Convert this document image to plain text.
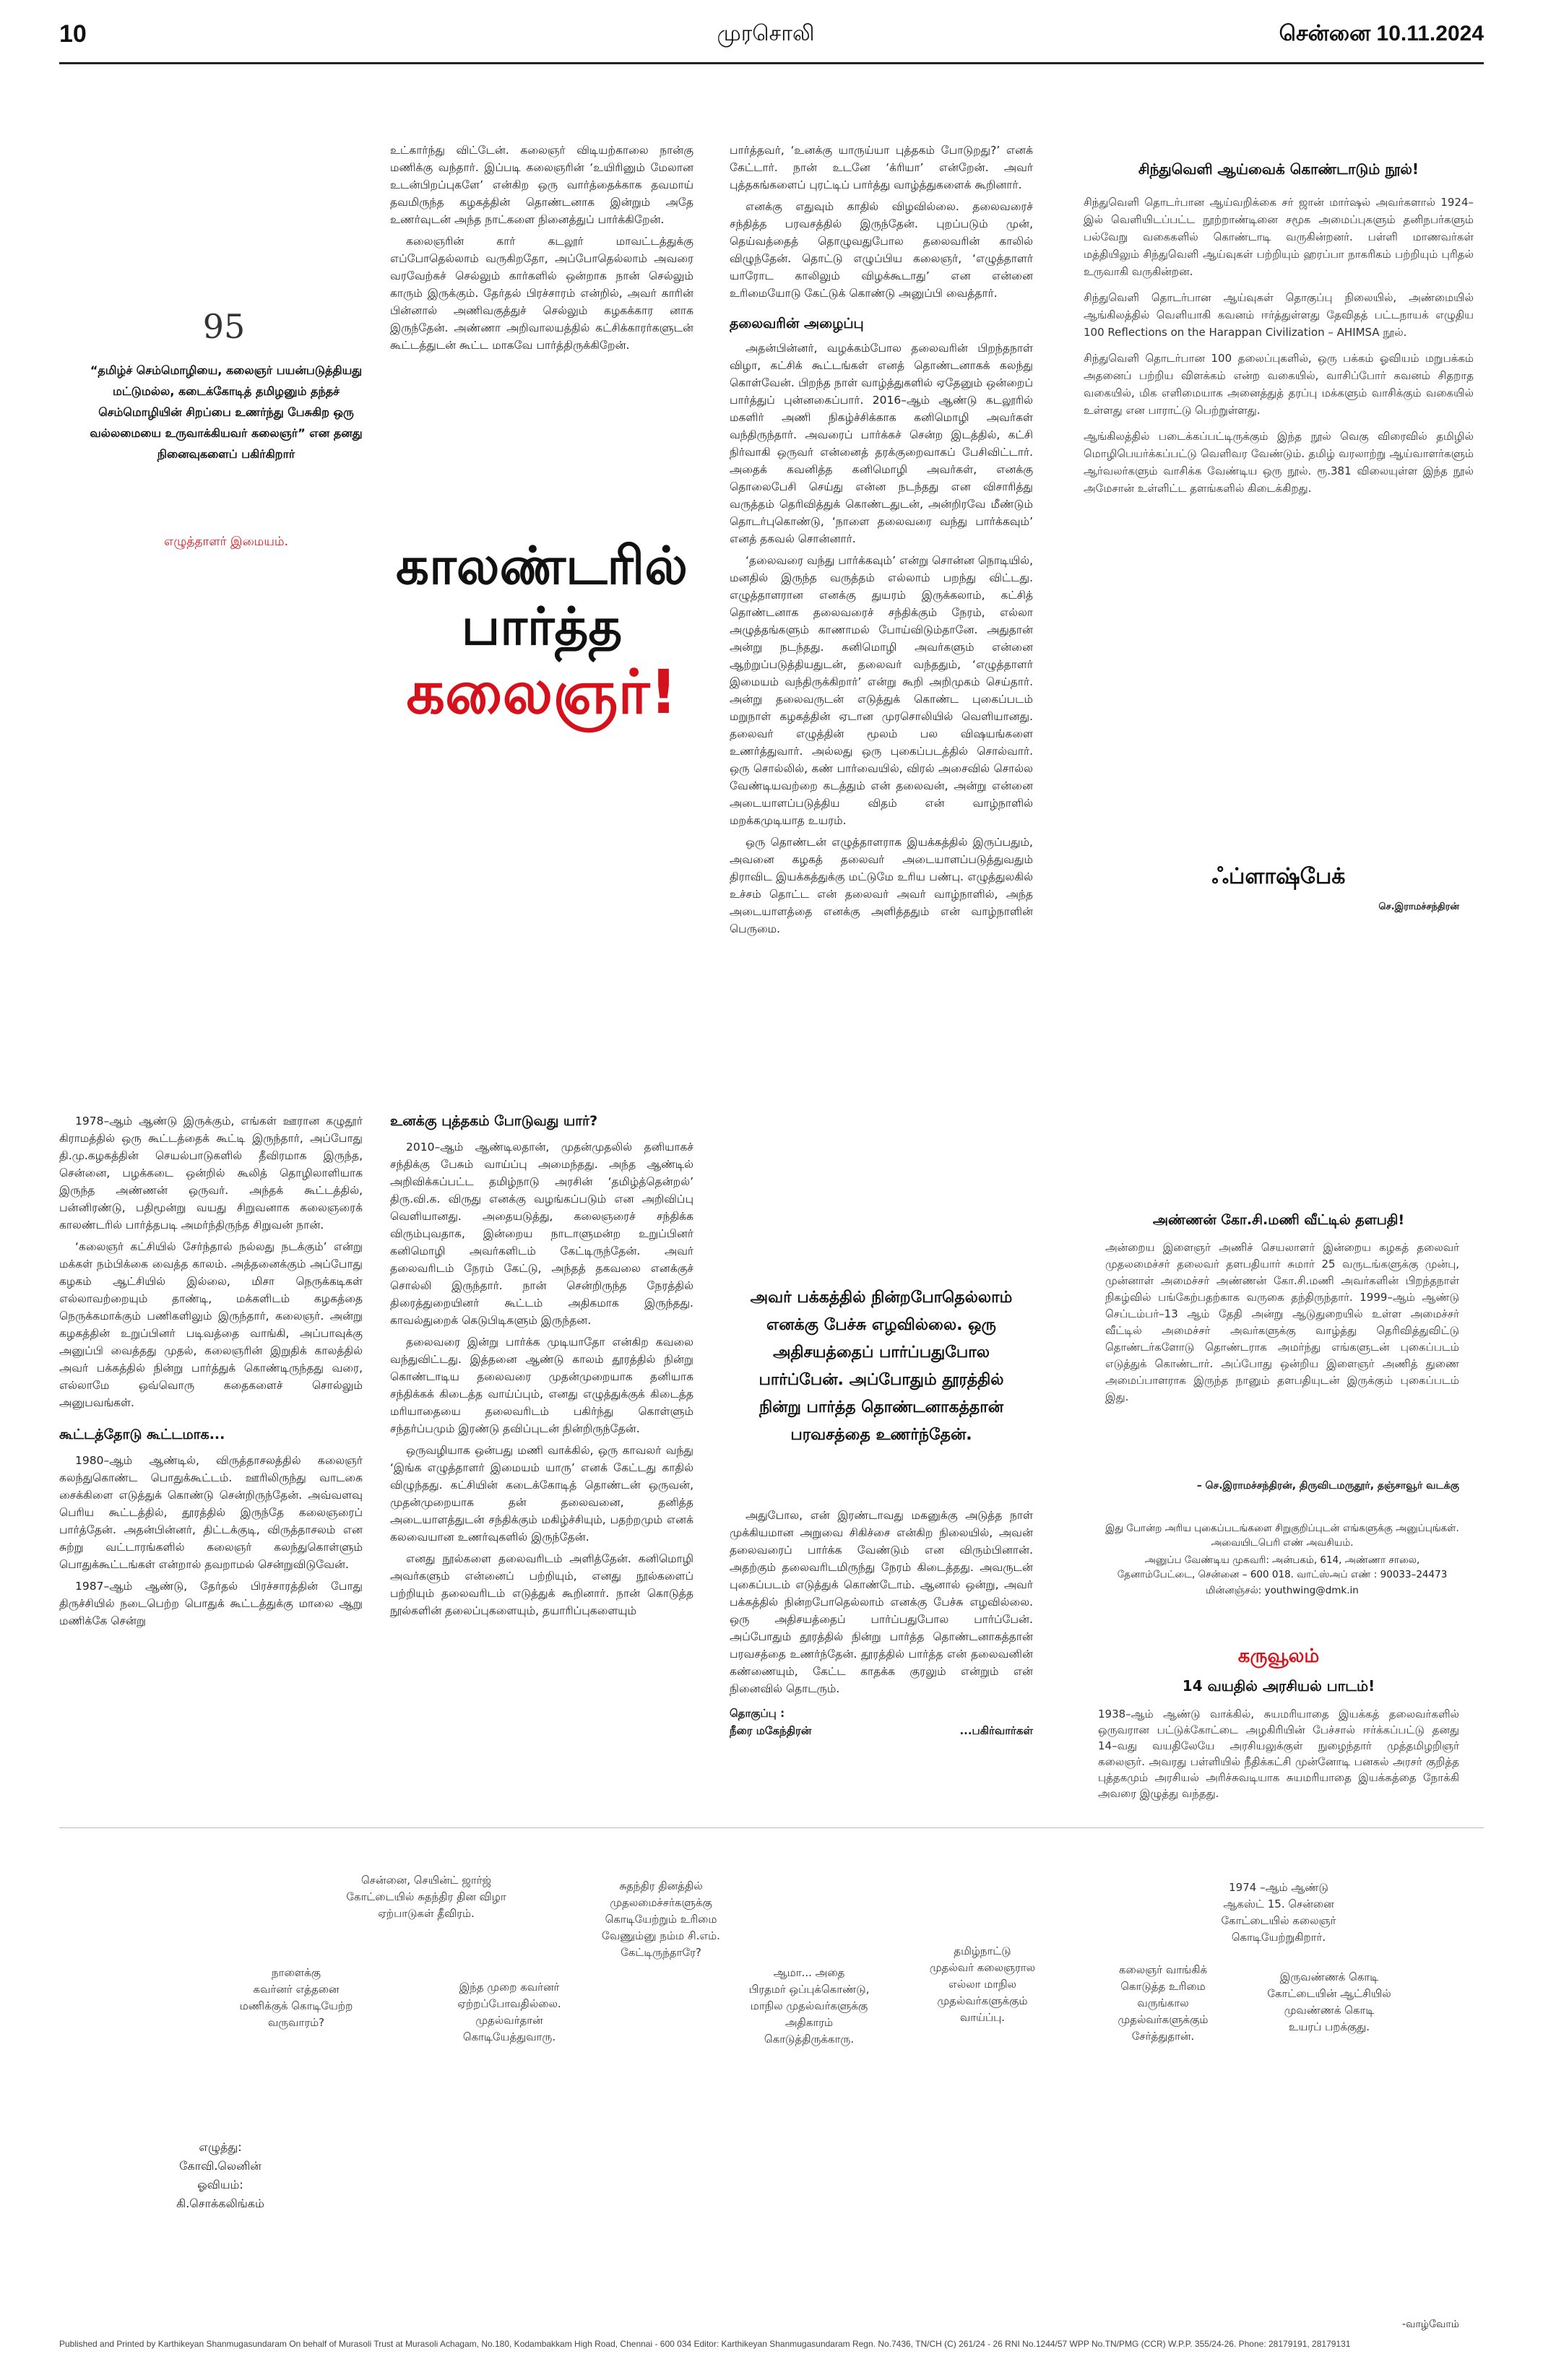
10	முரசொலி	சென்னை 10.11.2024
95
“தமிழ்ச் செம்மொழியை, கலைஞர் பயன்படுத்தியது மட்டுமல்ல, கடைக்கோடித் தமிழனும் தந்தச் செம்மொழியின் சிறப்பை உணர்ந்து பேசுகிற ஒரு வல்லமையை உருவாக்கியவர் கலைஞர்” என தனது நினைவுகளைப் பகிர்கிறார்
எழுத்தாளர் இமையம்.	காலண்டரில்
பார்த்த
கலைஞர்!

உட்கார்ந்து விட்டேன். கலைஞர் விடியற்காலை நான்கு மணிக்கு வந்தார். இப்படி கலைஞரின் ‘உயிரினும் மேலான உடன்பிறப்புகளே’ என்கிற ஒரு வார்த்தைக்காக தவமாய் தவமிருந்த கழகத்தின் தொண்டனாக இன்றும் அதே உணர்வுடன் அந்த நாட்களை நினைத்துப் பார்க்கிறேன்.

கலைஞரின் கார் கடலூர் மாவட்டத்துக்கு எப்போதெல்லாம் வருகிறதோ, அப்போதெல்லாம் அவரை வரவேற்கச் செல்லும் கார்களில் ஒன்றாக நான் செல்லும் காரும் இருக்கும். தேர்தல் பிரச்சாரம் என்றில், அவர் காரின் பின்னால் அணிவகுத்துச் செல்லும் கழகக்கார னாக இருந்தேன். அண்ணா அறிவாலயத்தில் கட்சிக்காரர்களுடன் கூட்டத்துடன் கூட்ட மாகவே பார்த்திருக்கிறேன்.

பார்த்தவர், ‘உனக்கு யாருய்யா புத்தகம் போடுறது?’ எனக் கேட்டார். நான் உடனே ‘க்ரியா’ என்றேன். அவர் புத்தகங்களைப் புரட்டிப் பார்த்து வாழ்த்துகளைக் கூறினார்.

எனக்கு எதுவும் காதில் விழவில்லை. தலைவரைச் சந்தித்த பரவசத்தில் இருந்தேன். புறப்படும் முன், தெய்வத்தைத் தொழுவதுபோல தலைவரின் காலில் விழுந்தேன். தொட்டு எழுப்பிய கலைஞர், ‘எழுத்தாளர் யாரோட காலிலும் விழக்கூடாது’ என என்னை உரிமையோடு கேட்டுக் கொண்டு அனுப்பி வைத்தார்.

தலைவரின் அழைப்பு

அதன்பின்னர், வழக்கம்போல தலைவரின் பிறந்தநாள் விழா, கட்சிக் கூட்டங்கள் எனத் தொண்டனாகக் கலந்து கொள்வேன். பிறந்த நாள் வாழ்த்துகளில் ஏதேனும் ஒன்றைப் பார்த்துப் புன்னகைப்பார். 2016–ஆம் ஆண்டு கடலூரில் மகளிர் அணி நிகழ்ச்சிக்காக கனிமொழி அவர்கள் வந்திருந்தார். அவரைப் பார்க்கச் சென்ற இடத்தில், கட்சி நிர்வாகி ஒருவர் என்னைத் தரக்குறைவாகப் பேசிவிட்டார். அதைக் கவனித்த கனிமொழி அவர்கள், எனக்கு தொலைபேசி செய்து என்ன நடந்தது என விசாரித்து வருத்தம் தெரிவித்துக் கொண்டதுடன், அன்றிரவே மீண்டும் தொடர்புகொண்டு, ‘நாளை தலைவரை வந்து பார்க்கவும்’ எனத் தகவல் சொன்னார்.

‘தலைவரை வந்து பார்க்கவும்’ என்று சொன்ன நொடியில், மனதில் இருந்த வருத்தம் எல்லாம் பறந்து விட்டது. எழுத்தாளரான எனக்கு துயரம் இருக்கலாம், கட்சித் தொண்டனாக தலைவரைச் சந்திக்கும் நேரம், எல்லா அழுத்தங்களும் காணாமல் போய்விடும்தானே. அதுதான் அன்று நடந்தது. கனிமொழி அவர்களும் என்னை ஆற்றுப்படுத்தியதுடன், தலைவர் வந்ததும், ‘எழுத்தாளர் இமையம் வந்திருக்கிறார்’ என்று கூறி அறிமுகம் செய்தார். அன்று தலைவருடன் எடுத்துக் கொண்ட புகைப்படம் மறுநாள் கழகத்தின் ஏடான முரசொலியில் வெளியானது. தலைவர் எழுத்தின் மூலம் பல விஷயங்களை உணர்த்துவார். அல்லது ஒரு புகைப்படத்தில் சொல்வார். ஒரு சொல்லில், கண் பார்வையில், விரல் அசைவில் சொல்ல வேண்டியவற்றை கடத்தும் என் தலைவன், அன்று என்னை அடையாளப்படுத்திய விதம் என் வாழ்நாளில் மறக்கமுடியாத உயரம்.

ஒரு தொண்டன் எழுத்தாளராக இயக்கத்தில் இருப்பதும், அவனை கழகத் தலைவர் அடையாளப்படுத்துவதும் திராவிட இயக்கத்துக்கு மட்டுமே உரிய பண்பு. எழுத்துலகில் உச்சம் தொட்ட என் தலைவர் அவர் வாழ்நாளில், அந்த அடையாளத்தை எனக்கு அளித்ததும் என் வாழ்நாளின் பெருமை.

1978–ஆம் ஆண்டு இருக்கும், எங்கள் ஊரான கழுதூர் கிராமத்தில் ஒரு கூட்டத்தைக் கூட்டி இருந்தார், அப்போது தி.மு.கழகத்தின் செயல்பாடுகளில் தீவிரமாக இருந்த, சென்னை, பழக்கடை ஒன்றில் கூலித் தொழிலாளியாக இருந்த அண்ணன் ஒருவர். அந்தக் கூட்டத்தில், பன்னிரண்டு, பதிமூன்று வயது சிறுவனாக கலைஞரைக் காலண்டரில் பார்த்தபடி அமர்ந்திருந்த சிறுவன் நான்.

‘கலைஞர் கட்சியில் சேர்ந்தால் நல்லது நடக்கும்’ என்று மக்கள் நம்பிக்கை வைத்த காலம். அத்தனைக்கும் அப்போது கழகம் ஆட்சியில் இல்லை, மிசா நெருக்கடிகள் எல்லாவற்றையும் தாண்டி, மக்களிடம் கழகத்தை நெருக்கமாக்கும் பணிகளிலும் இருந்தார், கலைஞர். அன்று கழகத்தின் உறுப்பினர் படிவத்தை வாங்கி, அப்பாவுக்கு அனுப்பி வைத்தது முதல், கலைஞரின் இறுதிக் காலத்தில் அவர் பக்கத்தில் நின்று பார்த்துக் கொண்டிருந்தது வரை, எல்லாமே ஒவ்வொரு கதைகளைச் சொல்லும் அனுபவங்கள்.

கூட்டத்தோடு கூட்டமாக...

1980–ஆம் ஆண்டில், விருத்தாசலத்தில் கலைஞர் கலந்துகொண்ட பொதுக்கூட்டம். ஊரிலிருந்து வாடகை சைக்கிளை எடுத்துக் கொண்டு சென்றிருந்தேன். அவ்வளவு பெரிய கூட்டத்தில், தூரத்தில் இருந்தே கலைஞரைப் பார்த்தேன். அதன்பின்னர், திட்டக்குடி, விருத்தாசலம் என சுற்று வட்டாரங்களில் கலைஞர் கலந்துகொள்ளும் பொதுக்கூட்டங்கள் என்றால் தவறாமல் சென்றுவிடுவேன்.

1987–ஆம் ஆண்டு, தேர்தல் பிரச்சாரத்தின் போது திருச்சியில் நடைபெற்ற பொதுக் கூட்டத்துக்கு மாலை ஆறு மணிக்கே சென்று

உனக்கு புத்தகம் போடுவது யார்?

2010–ஆம் ஆண்டிலதான், முதன்முதலில் தனியாகச் சந்திக்கு பேசும் வாய்ப்பு அமைந்தது. அந்த ஆண்டில் அறிவிக்கப்பட்ட தமிழ்நாடு அரசின் ‘தமிழ்த்தென்றல்’ திரு.வி.க. விருது எனக்கு வழங்கப்படும் என அறிவிப்பு வெளியானது. அதையடுத்து, கலைஞரைச் சந்திக்க விரும்புவதாக, இன்றைய நாடாளுமன்ற உறுப்பினர் கனிமொழி அவர்களிடம் கேட்டிருந்தேன். அவர் தலைவரிடம் நேரம் கேட்டு, அந்தத் தகவலை எனக்குச் சொல்லி இருந்தார். நான் சென்றிருந்த நேரத்தில் திரைத்துறையினர் கூட்டம் அதிகமாக இருந்தது. காவல்துறைக் கெடுபிடிகளும் இருந்தன.

தலைவரை இன்று பார்க்க முடியாதோ என்கிற கவலை வந்துவிட்டது. இத்தனை ஆண்டு காலம் தூரத்தில் நின்று கொண்டாடிய தலைவரை முதன்முறையாக தனியாக சந்திக்கக் கிடைத்த வாய்ப்பும், எனது எழுத்துக்குக் கிடைத்த மரியாதையை தலைவரிடம் பகிர்ந்து கொள்ளும் சந்தர்ப்பமும் இரண்டு தவிப்புடன் நின்றிருந்தேன்.

ஒருவழியாக ஒன்பது மணி வாக்கில், ஒரு காவலர் வந்து ‘இங்க எழுத்தாளர் இமையம் யாரு’ எனக் கேட்டது காதில் விழுந்தது. கட்சியின் கடைக்கோடித் தொண்டன் ஒருவன், முதன்முறையாக தன் தலைவனை, தனித்த அடையாளத்துடன் சந்திக்கும் மகிழ்ச்சியும், பதற்றமும் எனக் கலவையான உணர்வுகளில் இருந்தேன்.

எனது நூல்களை தலைவரிடம் அளித்தேன். கனிமொழி அவர்களும் என்னைப் பற்றியும், எனது நூல்களைப் பற்றியும் தலைவரிடம் எடுத்துக் கூறினார். நான் கொடுத்த நூல்களின் தலைப்புகளையும், தயாரிப்புகளையும்

அவர் பக்கத்தில் நின்றபோதெல்லாம்
எனக்கு பேச்சு எழவில்லை. ஒரு
அதிசயத்தைப் பார்ப்பதுபோல
பார்ப்பேன். அப்போதும் தூரத்தில்
நின்று பார்த்த தொண்டனாகத்தான்
பரவசத்தை உணர்ந்தேன்.

அதுபோல, என் இரண்டாவது மகனுக்கு அடுத்த நாள் முக்கியமான அறுவை சிகிச்சை என்கிற நிலையில், அவன் தலைவரைப் பார்க்க வேண்டும் என விரும்பினான். அதற்கும் தலைவரிடமிருந்து நேரம் கிடைத்தது. அவருடன் புகைப்படம் எடுத்துக் கொண்டோம். ஆனால் ஒன்று, அவர் பக்கத்தில் நின்றபோதெல்லாம் எனக்கு பேச்சு எழவில்லை. ஒரு அதிசயத்தைப் பார்ப்பதுபோல பார்ப்பேன். அப்போதும் தூரத்தில் நின்று பார்த்த தொண்டனாகத்தான் பரவசத்தை உணர்ந்தேன். தூரத்தில் பார்த்த என் தலைவனின் கண்ணையும், கேட்ட காதக்க குரலும் என்றும் என் நினைவில் தொடரும்.

தொகுப்பு :
நீரை மகேந்திரன்	...பகிர்வார்கள்
சிந்துவெளி ஆய்வைக் கொண்டாடும் நூல்!

சிந்துவெளி தொடர்பான ஆய்வறிக்கை சர் ஜான் மார்ஷல் அவர்களால் 1924–இல் வெளியிடப்பட்ட நூற்றாண்டினை சமூக அமைப்புகளும் தனிநபர்களும் பல்வேறு வகைகளில் கொண்டாடி வருகின்றனர். பள்ளி மாணவர்கள் மத்தியிலும் சிந்துவெளி ஆய்வுகள் பற்றியும் ஹரப்பா நாகரிகம் பற்றியும் புரிதல் உருவாகி வருகின்றன.

சிந்துவெளி தொடர்பான ஆய்வுகள் தொகுப்பு நிலையில், அண்மையில் ஆங்கிலத்தில் வெளியாகி கவனம் ஈர்த்துள்ளது தேவிதத் பட்டநாயக் எழுதிய 100 Reflections on the Harappan Civilization – AHIMSA நூல்.

சிந்துவெளி தொடர்பான 100 தலைப்புகளில், ஒரு பக்கம் ஓவியம் மறுபக்கம் அதனைப் பற்றிய விளக்கம் என்ற வகையில், வாசிப்போர் கவனம் சிதறாத வகையில், மிக எளிமையாக அனைத்துத் தரப்பு மக்களும் வாசிக்கும் வகையில் உள்ளது என பாராட்டு பெற்றுள்ளது.

ஆங்கிலத்தில் படைக்கப்பட்டிருக்கும் இந்த நூல் வெகு விரைவில் தமிழில் மொழிபெயர்க்கப்பட்டு வெளிவர வேண்டும். தமிழ் வரலாற்று ஆய்வாளர்களும் ஆர்வலர்களும் வாசிக்க வேண்டிய ஒரு நூல். ரூ.381 விலையுள்ள இந்த நூல் அமேசான் உள்ளிட்ட தளங்களில் கிடைக்கிறது.

ஃப்ளாஷ்பேக்
செ.இராமச்சந்திரன்
அண்ணன் கோ.சி.மணி வீட்டில் தளபதி!

அன்றைய இளைஞர் அணிச் செயலாளர் இன்றைய கழகத் தலைவர் முதலமைச்சர் தலைவர் தளபதியார் சுமார் 25 வருடங்களுக்கு முன்பு, முன்னாள் அமைச்சர் அண்ணன் கோ.சி.மணி அவர்களின் பிறந்தநாள் நிகழ்வில் பங்கேற்பதற்காக வருகை தந்திருந்தார். 1999–ஆம் ஆண்டு செப்டம்பர்–13 ஆம் தேதி அன்று ஆடுதுறையில் உள்ள அமைச்சர் வீட்டில் அமைச்சர் அவர்களுக்கு வாழ்த்து தெரிவித்துவிட்டு தொண்டர்களோடு தொண்டராக அமர்ந்து எங்களுடன் புகைப்படம் எடுத்துக் கொண்டார். அப்போது ஒன்றிய இளைஞர் அணித் துணை அமைப்பாளராக இருந்த நானும் தளபதியுடன் இருக்கும் புகைப்படம் இது.

– செ.இராமச்சந்திரன், திருவிடமருதூர், தஞ்சாவூர் வடக்கு
இது போன்ற அரிய புகைப்படங்களை சிறுகுறிப்புடன் எங்களுக்கு அனுப்புங்கள். அவையிடபெரி எண் அவசியம்.
அனுப்ப வேண்டிய முகவரி: அன்பகம், 614, அண்ணா சாலை, தேனாம்பேட்டை, சென்னை – 600 018. வாட்ஸ்அப் எண் : 90033–24473
மின்னஞ்சல்: youthwing@dmk.in
கருவூலம்
14 வயதில் அரசியல் பாடம்!

1938–ஆம் ஆண்டு வாக்கில், சுயமரியாதை இயக்கத் தலைவர்களில் ஒருவரான பட்டுக்கோட்டை அழகிரியின் பேச்சால் ஈர்க்கப்பட்டு தனது 14–வது வயதிலேயே அரசியலுக்குள் நுழைந்தார் முத்தமிழறிஞர் கலைஞர். அவரது பள்ளியில் நீதிக்கட்சி முன்னோடி பனகல் அரசர் குறித்த புத்தகமும் அரசியல் அரிச்சுவடியாக சுயமரியாதை இயக்கத்தை நோக்கி அவரை இழுத்து வந்தது.

சென்னை, செயின்ட் ஜார்ஜ்
கோட்டையில் சுதந்திர தின விழா
ஏற்பாடுகள் தீவிரம்.
நாளைக்கு
கவர்னர் எத்தனை
மணிக்குக் கொடியேற்ற
வருவாரம்?
இந்த முறை கவர்னர்
ஏற்றப்போவதில்லை.
முதல்வர்தான்
கொடியேத்துவாரு.
சுதந்திர தினத்தில்
முதலமைச்சர்களுக்கு
கொடியேற்றும் உரிமை
வேணும்னு நம்ம சி.எம்.
கேட்டிருந்தாரே?
ஆமா... அதை
பிரதமர் ஒப்புக்கொண்டு,
மாநில முதல்வர்களுக்கு
அதிகாரம்
கொடுத்திருக்காரு.
தமிழ்நாட்டு
முதல்வர் கலைஞரால
எல்லா மாநில
முதல்வர்களுக்கும்
வாய்ப்பு.
கலைஞர் வாங்கிக்
கொடுத்த உரிமை
வருங்கால
முதல்வர்களுக்கும்
சேர்த்துதான்.
1974 –ஆம் ஆண்டு
ஆகஸ்ட் 15. சென்னை
கோட்டையில் கலைஞர்
கொடியேற்றுகிறார்.
இருவண்ணக் கொடி
கோட்டையின் ஆட்சியில்
முவண்ணக் கொடி
உயரப் பறக்குது.
எழுத்து:
கோவி.லெனின்
ஓவியம்:
கி.சொக்கலிங்கம்
-வாழ்வோம்
Published and Printed by Karthikeyan Shanmugasundaram On behalf of Murasoli Trust at Murasoli Achagam, No.180, Kodambakkam High Road, Chennai - 600 034 Editor: Karthikeyan Shanmugasundaram Regn. No.7436, TN/CH (C) 261/24 - 26 RNI No.1244/57 WPP No.TN/PMG (CCR) W.P.P. 355/24-26. Phone: 28179191, 28179131
